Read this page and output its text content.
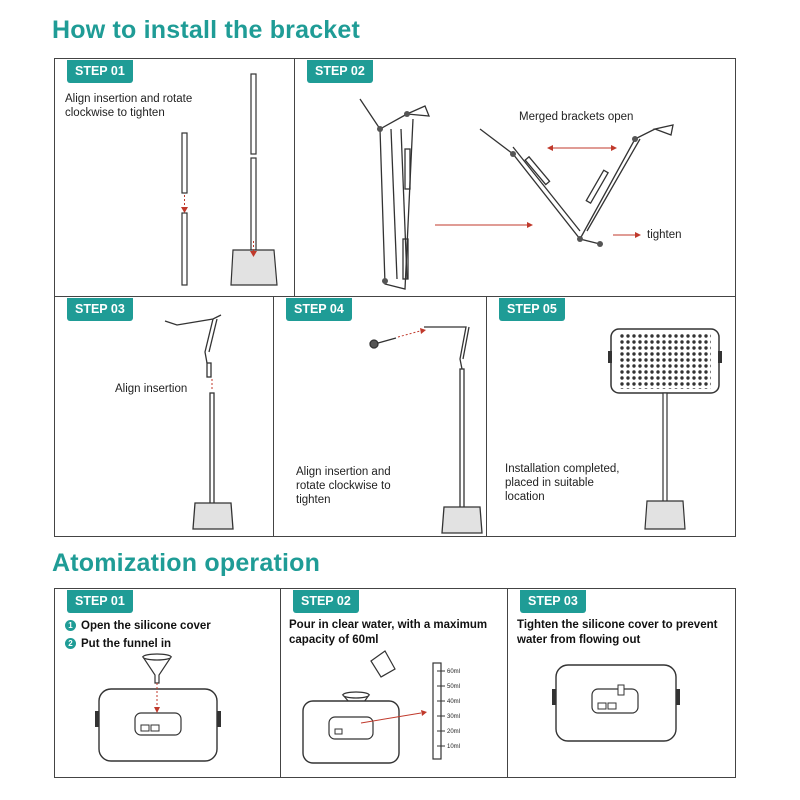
How to install the bracket
STEP 01
Align insertion and rotate
clockwise to tighten
STEP 02
Merged brackets open
tighten
STEP 03
Align insertion
STEP 04
Align insertion and
rotate clockwise to
tighten
STEP 05
Installation completed,
placed in suitable
location
Atomization operation
STEP 01
1 Open the silicone cover
2 Put the funnel in
STEP 02
Pour in clear water, with a maximum
capacity of 60ml
60ml
50ml
40ml
30ml
20ml
10ml
STEP 03
Tighten the silicone cover to prevent
water from flowing out
